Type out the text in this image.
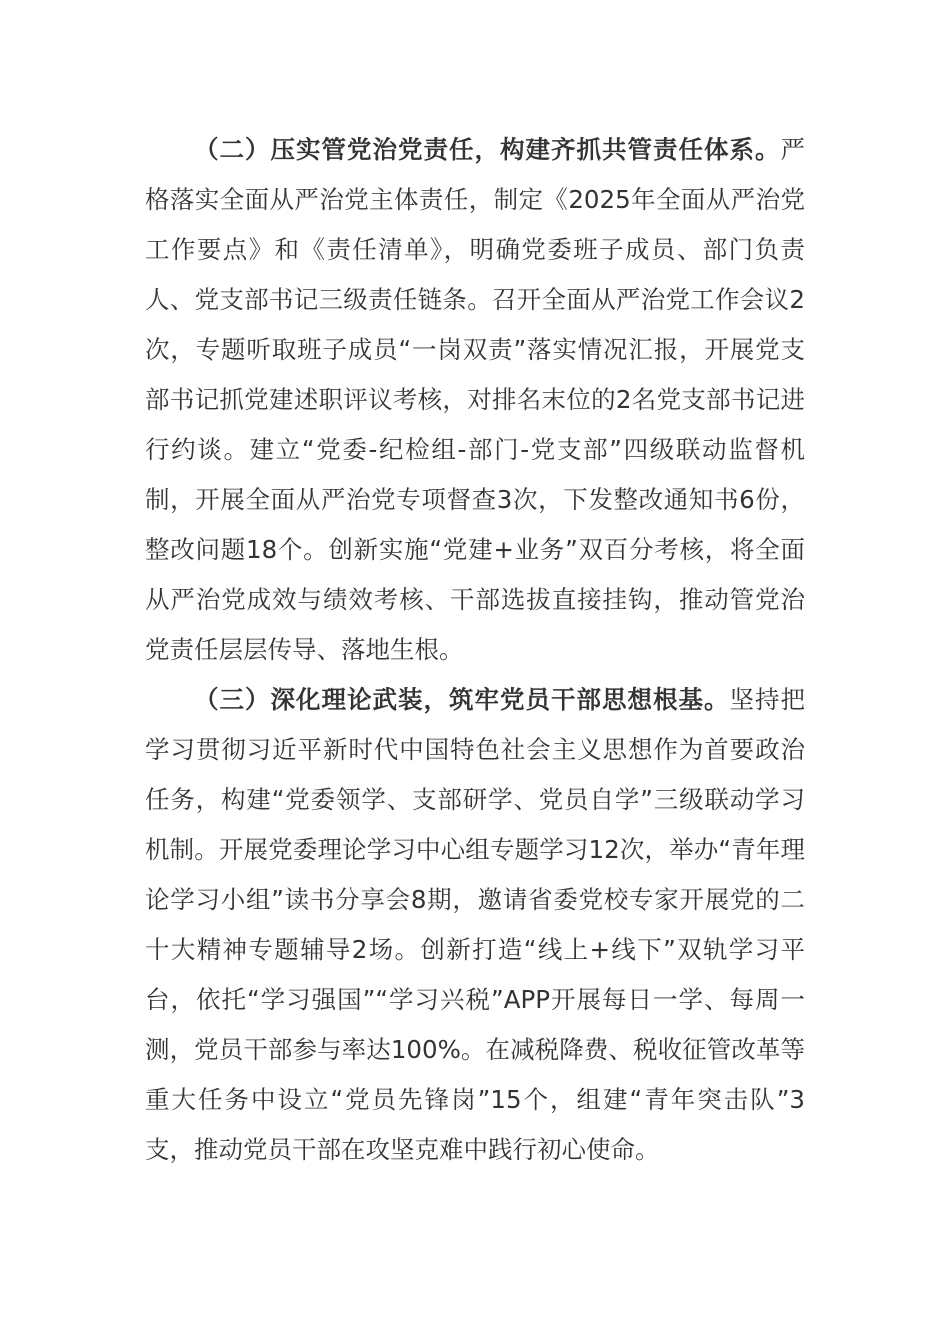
（二）压实管党治党责任，构建齐抓共管责任体系。严格落实全面从严治党主体责任，制定《2025年全面从严治党工作要点》和《责任清单》，明确党委班子成员、部门负责人、党支部书记三级责任链条。召开全面从严治党工作会议2次，专题听取班子成员“一岗双责”落实情况汇报，开展党支部书记抓党建述职评议考核，对排名末位的2名党支部书记进行约谈。建立“党委-纪检组-部门-党支部”四级联动监督机制，开展全面从严治党专项督查3次，下发整改通知书6份，整改问题18个。创新实施“党建+业务”双百分考核，将全面从严治党成效与绩效考核、干部选拔直接挂钩，推动管党治党责任层层传导、落地生根。

（三）深化理论武装，筑牢党员干部思想根基。坚持把学习贯彻习近平新时代中国特色社会主义思想作为首要政治任务，构建“党委领学、支部研学、党员自学”三级联动学习机制。开展党委理论学习中心组专题学习12次，举办“青年理论学习小组”读书分享会8期，邀请省委党校专家开展党的二十大精神专题辅导2场。创新打造“线上+线下”双轨学习平台，依托“学习强国”“学习兴税”APP开展每日一学、每周一测，党员干部参与率达100%。在减税降费、税收征管改革等重大任务中设立“党员先锋岗”15个，组建“青年突击队”3支，推动党员干部在攻坚克难中践行初心使命。
